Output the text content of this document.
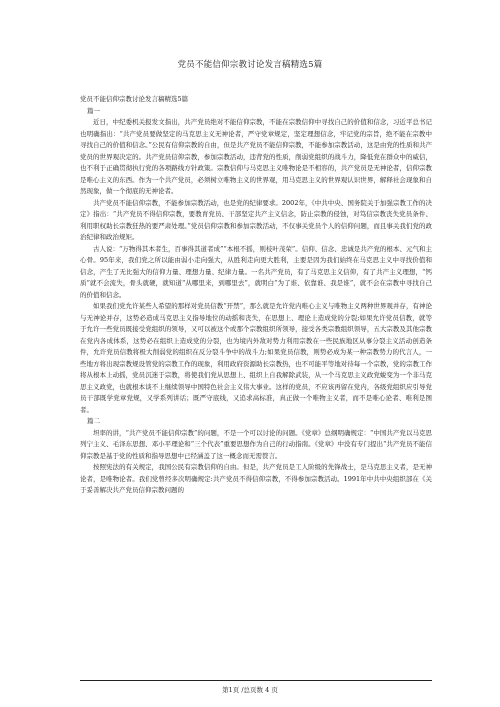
党员不能信仰宗教讨论发言稿精选5篇

党员不能信仰宗教讨论发言稿精选5篇

篇一

近日，中纪委机关报发文指出，共产党员绝对不能信仰宗教，不能在宗教信仰中寻找自己的价值和信念，习近平总书记也明确指出：“共产党员要做坚定的马克思主义无神论者，严守党章规定，坚定理想信念，牢记党的宗旨，绝不能在宗教中寻找自己的价值和信念。”公民有信仰宗教的自由，但是共产党员不能信仰宗教，不能参加宗教活动，这是由党的性质和共产党员的世界观决定的。共产党员信仰宗教，参加宗教活动，违背党的性质，削弱党组织的战斗力，降低党在群众中的威信，也不利于正确贯彻执行党的各项路线方针政策。宗教信仰与马克思主义唯物论是不相容的，共产党员是无神论者，信仰宗教是唯心主义的东西。作为一个共产党员，必须树立唯物主义的世界观，用马克思主义的世界观认识世界，解释社会现象和自然现象，做一个彻底的无神论者。

共产党员不能信仰宗教，不能参加宗教活动，也是党的纪律要求。2002年，《中共中央、国务院关于加强宗教工作的决定》指出：“共产党员不得信仰宗教，要教育党员、干部坚定共产主义信念，防止宗教的侵蚀，对笃信宗教丧失党员条件、利用职权助长宗教狂热的要严肃处理。”党员信仰宗教和参加宗教活动，不仅事关党员个人的信仰问题，而且事关我们党的政治纪律和政治规矩。

古人说：“万物得其本者生，百事得其道者成”“本根不摇，则枝叶茂荣”。信仰、信念、忠诚是共产党的根本、元气和主心骨。95年来，我们党之所以能由弱小走向强大，从胜利走向更大胜利，主要是因为我们始终在马克思主义中寻找价值和信念，产生了无比强大的信仰力量、理想力量、纪律力量。一名共产党员，有了马克思主义信仰，有了共产主义理想，“钙质”就不会流失，骨头就硬，就知道“从哪里来，到哪里去”，就明白“为了谁、依靠谁、我是谁”，就不会在宗教中寻找自己的价值和信念。

如果我们党允许某些人希望的那样对党员信教“开禁”，那么就是允许党内唯心主义与唯物主义两种世界观并存，有神论与无神论并存，这势必造成马克思主义指导地位的动摇和丧失，在思想上、理论上造成党的分裂;如果允许党员信教，就等于允许一些党员既接受党组织的领导，又可以被这个或那个宗教组织所领导，接受各类宗教组织领导，五大宗教及其他宗教在党内各成体系，这势必在组织上造成党的分裂，也为境内外敌对势力利用宗教在一些民族地区从事分裂主义活动创造条件，允许党员信教将极大削弱党的组织在反分裂斗争中的战斗力;如果党员信教，则势必成为某一种宗教势力的代言人，一些地方将出现宗教规设管党的宗教工作的现象，利用政府资源助长宗教热，也不可能平等地对待每一个宗教，党的宗教工作将从根本上动摇，党员沉迷于宗教，将使我们党从思想上、组织上自我解除武装，从一个马克思主义政党蜕变为一个非马克思主义政党，也就根本谈不上继续领导中国特色社会主义伟大事业。这样的党员，不应该再留在党内，各级党组织应引导党员干部既学党章党规，又学系列讲话；既严守底线，又追求高标准，真正做一个唯物主义者，而不是唯心论者、唯利是图者。

篇二

坦率的讲，“共产党员不能信仰宗教”的问题，不是一个可以讨论的问题。《党章》总纲明确规定：“中国共产党以马克思列宁主义、毛泽东思想、邓小平理论和“三个代表”重要思想作为自己的行动指南。《党章》中没有专门提出“共产党员不能信仰宗教是基于党的性质和指导思想中已经涵盖了这一概念而无需赘言。

按照宪法的有关规定，我国公民有宗教信仰的自由。但是，共产党员是工人阶级的先锋战士，是马克思主义者，是无神论者，是唯物论者。我们党曾经多次明确规定:共产党员不得信仰宗教，不得参加宗教活动。1991年中共中央组织部在《关于妥善解决共产党员信仰宗教问题的

第1页 /总页数 4 页
